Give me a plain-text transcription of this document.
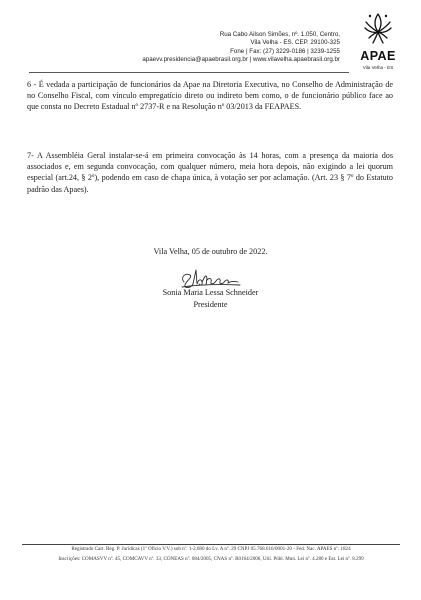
Rua Cabo Ailson Simões, nº. 1.050, Centro,
Vila Velha - ES. CEP. 29100-325
Fone | Fax: (27) 3229-0186 | 3239-1255
apaevv.presidencia@apaebrasil.org.br | www.vilavelha.apaebrasil.org.br	APAE
Vila Velha - ES

6 - É vedada a participação de funcionários da Apae na Diretoria Executiva, no Conselho de Administração de no Conselho Fiscal, com vínculo empregatício direto ou indireto bem como, o de funcionário público face ao que consta no Decreto Estadual nº 2737-R e na Resolução nº 03/2013 da FEAPAES.

7- A Assembléia Geral instalar-se-á em primeira convocação às 14 horas, com a presença da maioria dos associados e, em segunda convocação, com qualquer número, meia hora depois, não exigindo a lei quorum especial (art.24, § 2º), podendo em caso de chapa única, à votação ser por aclamação. (Art. 23 § 7º do Estatuto padrão das Apaes).

Vila Velha, 05 de outubro de 2022.
Sonia Maria Lessa Schneider
Presidente
Registrado Cart. Reg. P. Jurídicas (1º Ofício V.V.) sob nº. 1-2.680 do Lv. A nº. 29 CNPJ 05.768.616/0001-20 - Fed. Nac. APAES nº. 1824
Inscrições: COMASVV nº. 45, COMCAVV nº. 33, CONEAS nº. 084/2005, CNAS nº. R0164/2006, Util. Públ. Mun. Lei nº. 4.280 e Est. Lei nº. 8.299
